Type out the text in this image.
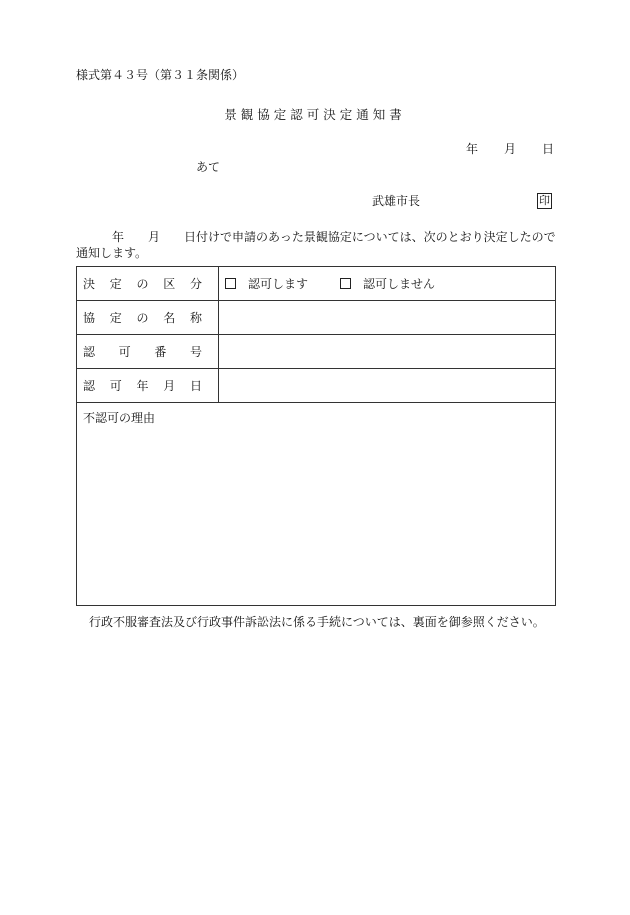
様式第４３号（第３１条関係）
景観協定認可決定通知書
年 月 日
あて
武雄市長	印
年 月 日付けで申請のあった景観協定については、次のとおり決定したので
通知します。
決 定 の 区 分	認可します 認可しません

協 定 の 名 称	

認 可 番 号	

認 可 年 月 日	

不認可の理由	
行政不服審査法及び行政事件訴訟法に係る手続については、裏面を御参照ください。
